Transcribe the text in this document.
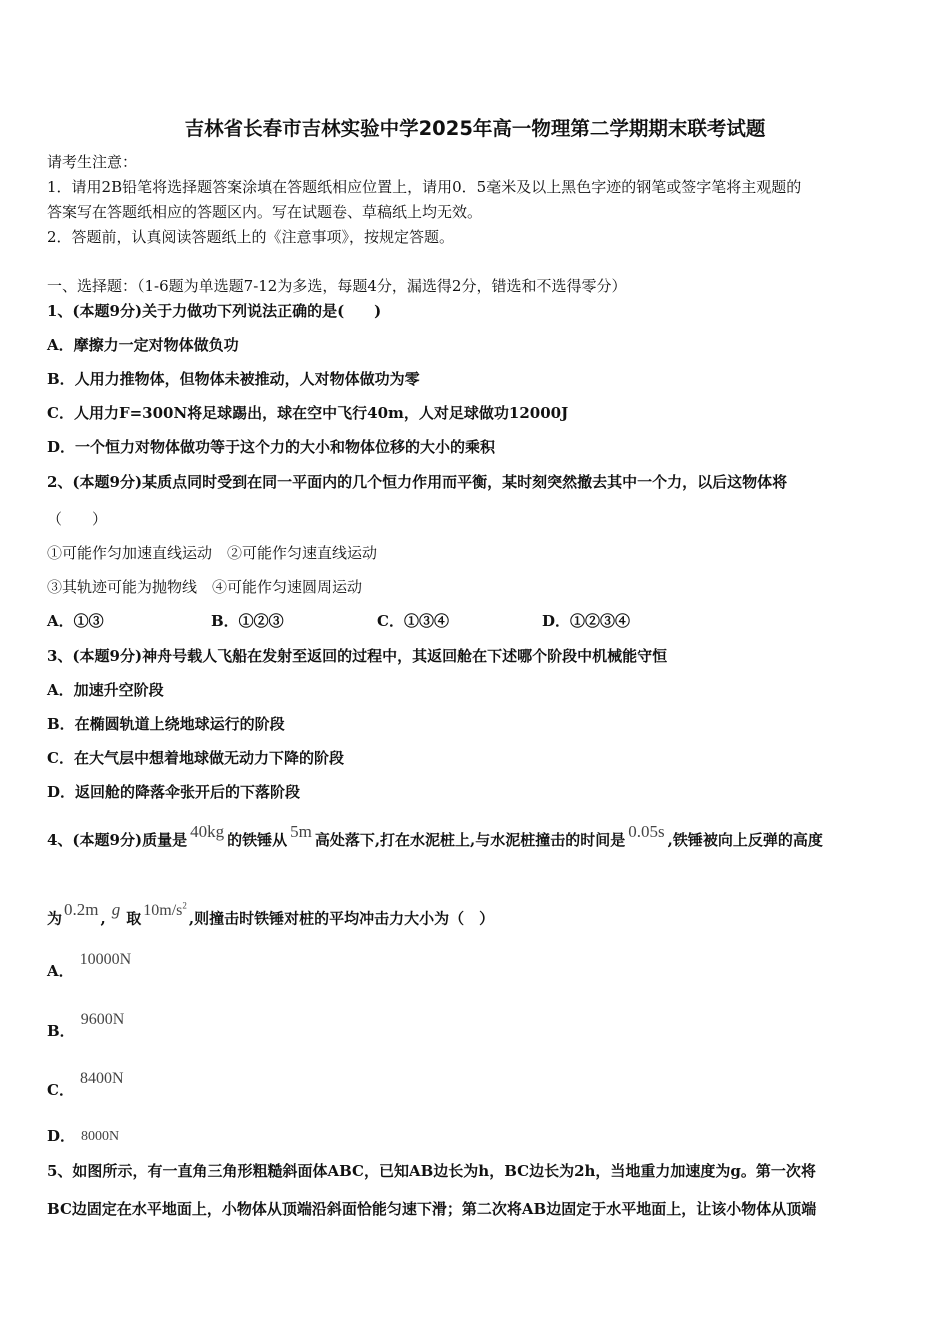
吉林省长春市吉林实验中学2025年高一物理第二学期期末联考试题
请考生注意：
1．请用2B铅笔将选择题答案涂填在答题纸相应位置上，请用0．5毫米及以上黑色字迹的钢笔或签字笔将主观题的
答案写在答题纸相应的答题区内。写在试题卷、草稿纸上均无效。
2．答题前，认真阅读答题纸上的《注意事项》，按规定答题。
一、选择题：（1-6题为单选题7-12为多选，每题4分，漏选得2分，错选和不选得零分）
1、(本题9分)关于力做功下列说法正确的是(　　)
A．摩擦力一定对物体做负功
B．人用力推物体，但物体未被推动，人对物体做功为零
C．人用力F=300N将足球踢出，球在空中飞行40m，人对足球做功12000J
D．一个恒力对物体做功等于这个力的大小和物体位移的大小的乘积
2、(本题9分)某质点同时受到在同一平面内的几个恒力作用而平衡，某时刻突然撤去其中一个力，以后这物体将
（　　）
①可能作匀加速直线运动　②可能作匀速直线运动
③其轨迹可能为抛物线　④可能作匀速圆周运动
A．①③	B．①②③	C．①③④	D．①②③④
3、(本题9分)神舟号载人飞船在发射至返回的过程中，其返回舱在下述哪个阶段中机械能守恒
A．加速升空阶段
B．在椭圆轨道上绕地球运行的阶段
C．在大气层中想着地球做无动力下降的阶段
D．返回舱的降落伞张开后的下落阶段
4、(本题9分)质量是 40kg 的铁锤从 5m 高处落下,打在水泥桩上,与水泥桩撞击的时间是 0.05s ,铁锤被向上反弹的高度
为 0.2m , g 取 $10m/s^2$,则撞击时铁锤对桩的平均冲击力大小为（　）
A．10000N
B．9600N
C．8400N
D． 8000N
5、如图所示，有一直角三角形粗糙斜面体ABC，已知AB边长为h，BC边长为2h，当地重力加速度为g。第一次将
BC边固定在水平地面上，小物体从顶端沿斜面恰能匀速下滑；第二次将AB边固定于水平地面上，让该小物体从顶端
